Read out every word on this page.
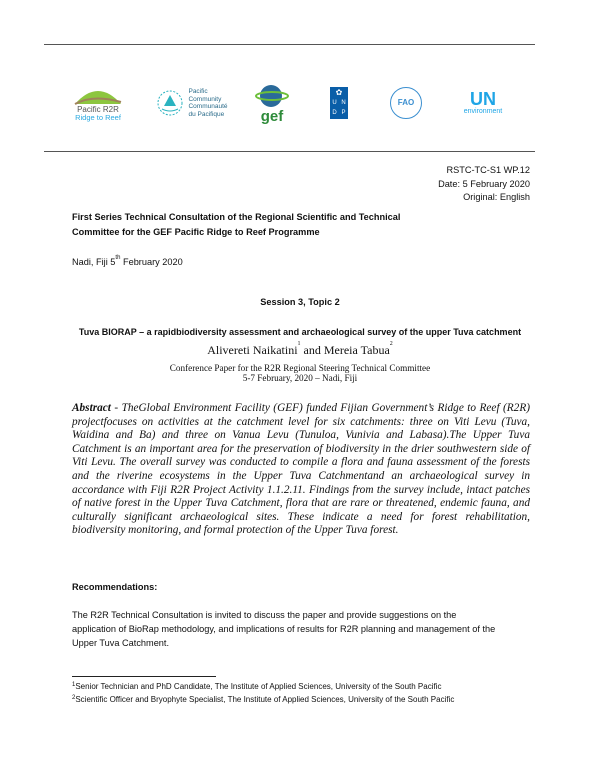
Pacific R2R
Ridge to Reef
Pacific
Community
Communauté
du Pacifique gef
✿
U N
D P
FAO	UN
environment
RSTC-TC-S1 WP.12
Date: 5 February 2020
Original: English
First Series Technical Consultation of the Regional Scientific and Technical
Committee for the GEF Pacific Ridge to Reef Programme
Nadi, Fiji 5th February 2020
Session 3, Topic 2
Tuva BIORAP – a rapidbiodiversity assessment and archaeological survey of the upper Tuva catchment
Alivereti Naikatini$^1$ and Mereia Tabua$^2$
Conference Paper for the R2R Regional Steering Technical Committee
5-7 February, 2020 – Nadi, Fiji
Abstract - TheGlobal Environment Facility (GEF) funded Fijian Government’s Ridge to Reef (R2R) projectfocuses on activities at the catchment level for six catchments: three on Viti Levu (Tuva, Waidina and Ba) and three on Vanua Levu (Tunuloa, Vunivia and Labasa).The Upper Tuva Catchment is an important area for the preservation of biodiversity in the drier southwestern side of Viti Levu. The overall survey was conducted to compile a flora and fauna assessment of the forests and the riverine ecosystems in the Upper Tuva Catchmentand an archaeological survey in accordance with Fiji R2R Project Activity 1.1.2.11. Findings from the survey include, intact patches of native forest in the Upper Tuva Catchment, flora that are rare or threatened, endemic fauna, and culturally significant archaeological sites. These indicate a need for forest rehabilitation, biodiversity monitoring, and formal protection of the Upper Tuva forest.
Recommendations:
The R2R Technical Consultation is invited to discuss the paper and provide suggestions on the
application of BioRap methodology, and implications of results for R2R planning and management of the
Upper Tuva Catchment.
$^1$Senior Technician and PhD Candidate, The Institute of Applied Sciences, University of the South Pacific
$^2$Scientific Officer and Bryophyte Specialist, The Institute of Applied Sciences, University of the South Pacific
